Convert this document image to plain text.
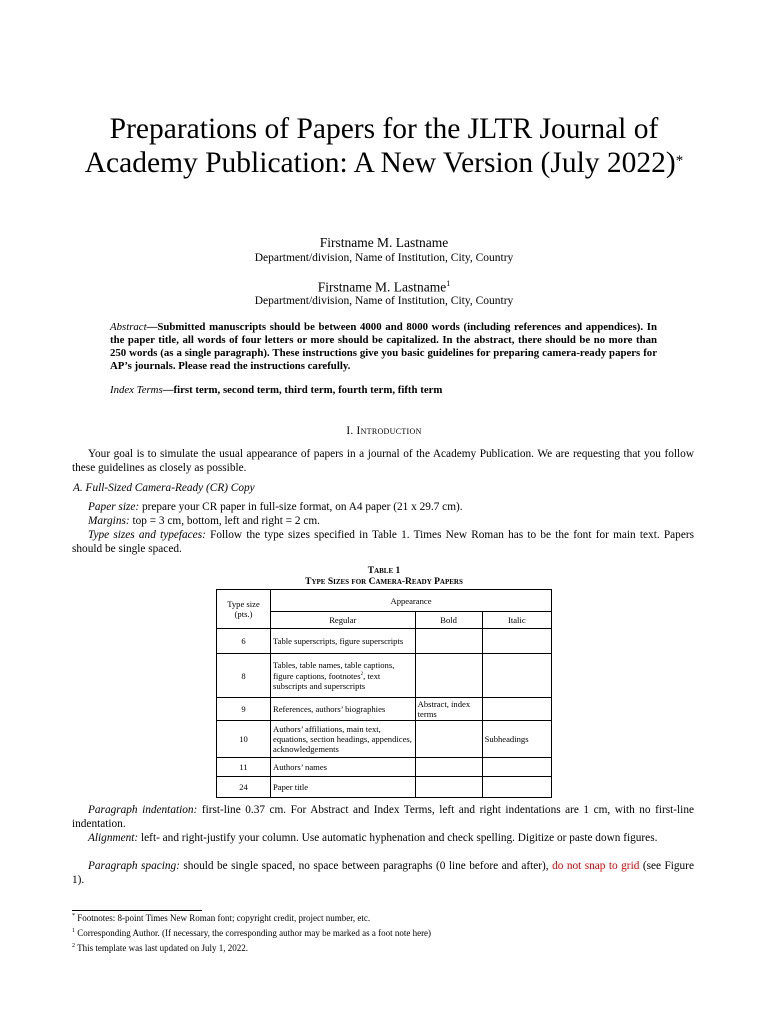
Preparations of Papers for the JLTR Journal of Academy Publication: A New Version (July 2022)*
Firstname M. Lastname
Department/division, Name of Institution, City, Country
Firstname M. Lastname$^1$
Department/division, Name of Institution, City, Country
Abstract—Submitted manuscripts should be between 4000 and 8000 words (including references and appendices). In the paper title, all words of four letters or more should be capitalized. In the abstract, there should be no more than 250 words (as a single paragraph). These instructions give you basic guidelines for preparing camera-ready papers for AP’s journals. Please read the instructions carefully.
Index Terms—first term, second term, third term, fourth term, fifth term
I. Introduction

Your goal is to simulate the usual appearance of papers in a journal of the Academy Publication. We are requesting that you follow these guidelines as closely as possible.

A. Full-Sized Camera-Ready (CR) Copy

Paper size: prepare your CR paper in full-size format, on A4 paper (21 x 29.7 cm).

Margins: top = 3 cm, bottom, left and right = 2 cm.

Type sizes and typefaces: Follow the type sizes specified in Table 1. Times New Roman has to be the font for main text. Papers should be single spaced.

Table 1
Type Sizes for Camera-Ready Papers
Type size (pts.)	Appearance		
	Regular	Bold	Italic
6	Table superscripts, figure superscripts		
8	Tables, table names, table captions, figure captions, footnotes$^2$, text subscripts and superscripts		
9	References, authors’ biographies	Abstract, index terms	
10	Authors’ affiliations, main text, equations, section headings, appendices, acknowledgements		Subheadings
11	Authors’ names		
24	Paper title		

Paragraph indentation: first-line 0.37 cm. For Abstract and Index Terms, left and right indentations are 1 cm, with no first-line indentation.

Alignment: left- and right-justify your column. Use automatic hyphenation and check spelling. Digitize or paste down figures.

Paragraph spacing: should be single spaced, no space between paragraphs (0 line before and after), do not snap to grid (see Figure 1).

* Footnotes: 8-point Times New Roman font; copyright credit, project number, etc.
$^1$ Corresponding Author. (If necessary, the corresponding author may be marked as a foot note here)
$^2$ This template was last updated on July 1, 2022.
